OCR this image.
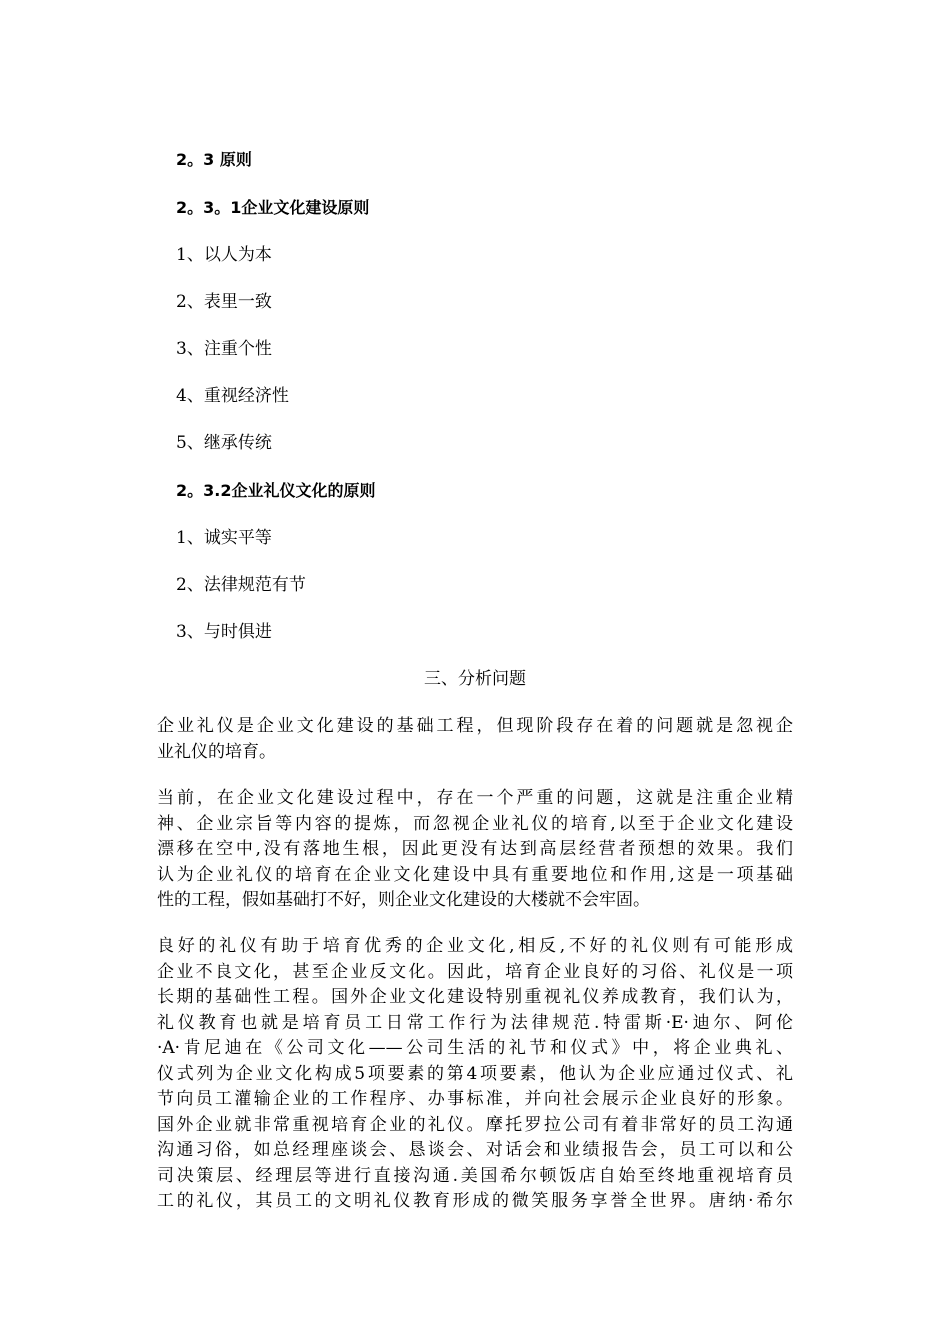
2。3 原则
2。3。1企业文化建设原则
1、以人为本
2、表里一致
3、注重个性
4、重视经济性
5、继承传统
2。3.2企业礼仪文化的原则
1、诚实平等
2、法律规范有节
3、与时俱进
三、分析问题
企业礼仪是企业文化建设的基础工程，但现阶段存在着的问题就是忽视企
业礼仪的培育。
当前，在企业文化建设过程中，存在一个严重的问题，这就是注重企业精
神、企业宗旨等内容的提炼，而忽视企业礼仪的培育,以至于企业文化建设
漂移在空中,没有落地生根，因此更没有达到高层经营者预想的效果。我们
认为企业礼仪的培育在企业文化建设中具有重要地位和作用,这是一项基础
性的工程，假如基础打不好，则企业文化建设的大楼就不会牢固。
良好的礼仪有助于培育优秀的企业文化,相反,不好的礼仪则有可能形成
企业不良文化，甚至企业反文化。因此，培育企业良好的习俗、礼仪是一项
长期的基础性工程。国外企业文化建设特别重视礼仪养成教育，我们认为，
礼仪教育也就是培育员工日常工作行为法律规范.特雷斯·E·迪尔、阿伦
·A·肯尼迪在《公司文化——公司生活的礼节和仪式》中，将企业典礼、
仪式列为企业文化构成5项要素的第4项要素，他认为企业应通过仪式、礼
节向员工灌输企业的工作程序、办事标准，并向社会展示企业良好的形象。
国外企业就非常重视培育企业的礼仪。摩托罗拉公司有着非常好的员工沟通
沟通习俗，如总经理座谈会、恳谈会、对话会和业绩报告会，员工可以和公
司决策层、经理层等进行直接沟通.美国希尔顿饭店自始至终地重视培育员
工的礼仪，其员工的文明礼仪教育形成的微笑服务享誉全世界。唐纳·希尔
